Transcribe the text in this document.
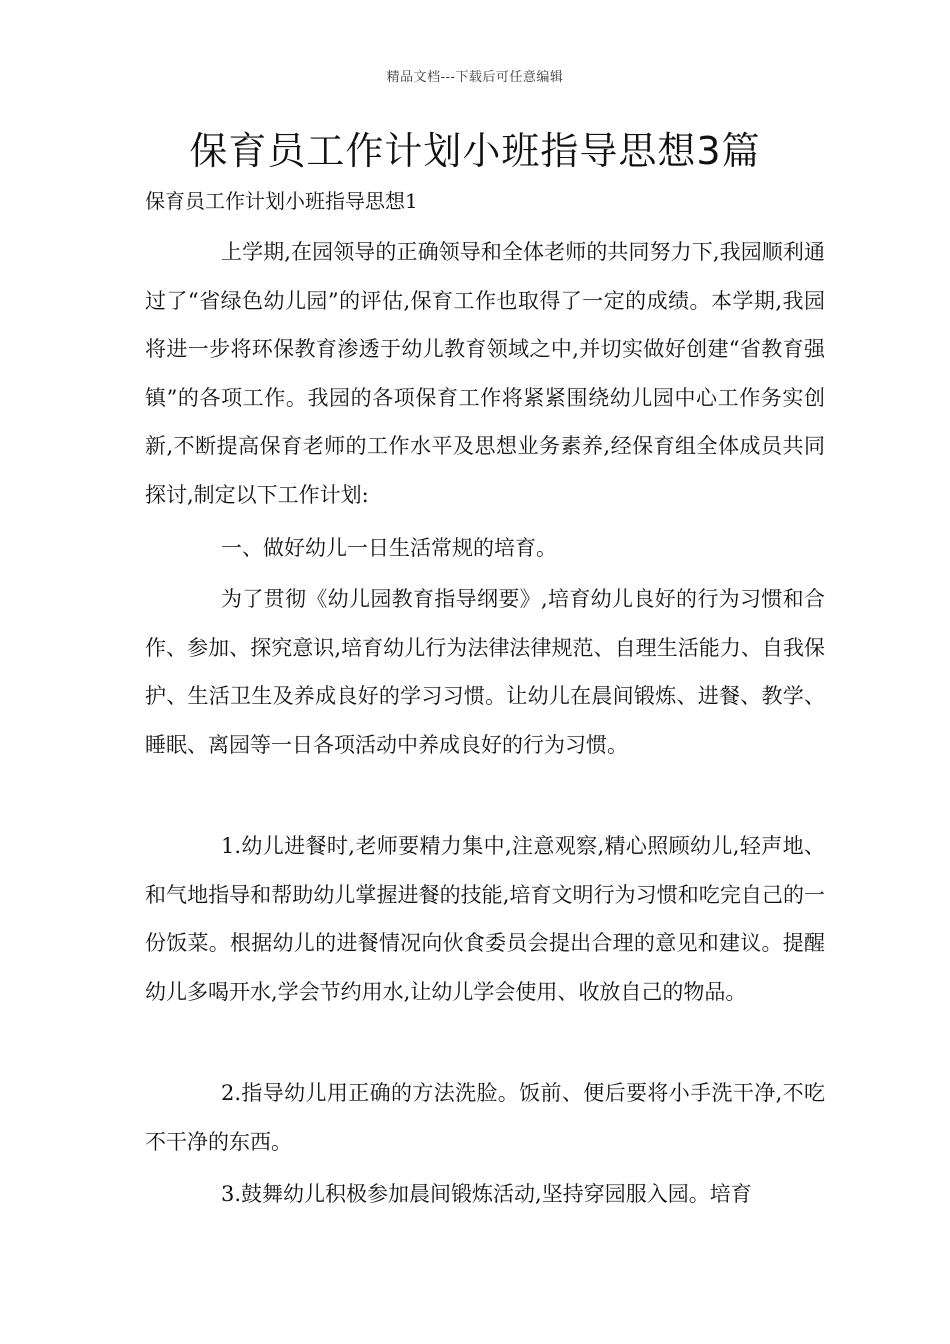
精品文档---下载后可任意编辑
保育员工作计划小班指导思想3篇
保育员工作计划小班指导思想1

上学期,在园领导的正确领导和全体老师的共同努力下,我园顺利通过了“省绿色幼儿园”的评估,保育工作也取得了一定的成绩。本学期,我园将进一步将环保教育渗透于幼儿教育领域之中,并切实做好创建“省教育强镇”的各项工作。我园的各项保育工作将紧紧围绕幼儿园中心工作务实创新,不断提高保育老师的工作水平及思想业务素养,经保育组全体成员共同探讨,制定以下工作计划:

一、做好幼儿一日生活常规的培育。

为了贯彻《幼儿园教育指导纲要》,培育幼儿良好的行为习惯和合作、参加、探究意识,培育幼儿行为法律法律规范、自理生活能力、自我保护、生活卫生及养成良好的学习习惯。让幼儿在晨间锻炼、进餐、教学、睡眠、离园等一日各项活动中养成良好的行为习惯。

1.幼儿进餐时,老师要精力集中,注意观察,精心照顾幼儿,轻声地、和气地指导和帮助幼儿掌握进餐的技能,培育文明行为习惯和吃完自己的一份饭菜。根据幼儿的进餐情况向伙食委员会提出合理的意见和建议。提醒幼儿多喝开水,学会节约用水,让幼儿学会使用、收放自己的物品。

2.指导幼儿用正确的方法洗脸。饭前、便后要将小手洗干净,不吃不干净的东西。

3.鼓舞幼儿积极参加晨间锻炼活动,坚持穿园服入园。培育
